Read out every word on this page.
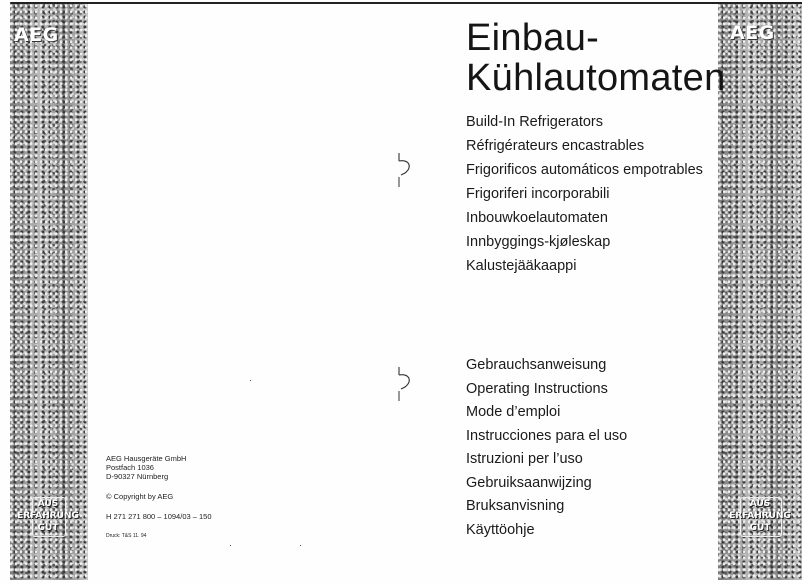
AEG
AUS
ERFAHRUNG
GUT
AEG
AUS
ERFAHRUNG
GUT
AEG Hausgeräte GmbH
Postfach 1036
D-90327 Nürnberg
© Copyright by AEG
H 271 271 800 – 1094/03 – 150
Druck: T&S 11. 94
Einbau-
Kühlautomaten
Build-In Refrigerators
Réfrigérateurs encastrables
Frigorificos automáticos empotrables
Frigoriferi incorporabili
Inbouwkoelautomaten
Innbyggings-kjøleskap
Kalustejääkaappi
Gebrauchsanweisung
Operating Instructions
Mode d’emploi
Instrucciones para el uso
Istruzioni per l’uso
Gebruiksaanwijzing
Bruksanvisning
Käyttöohje
